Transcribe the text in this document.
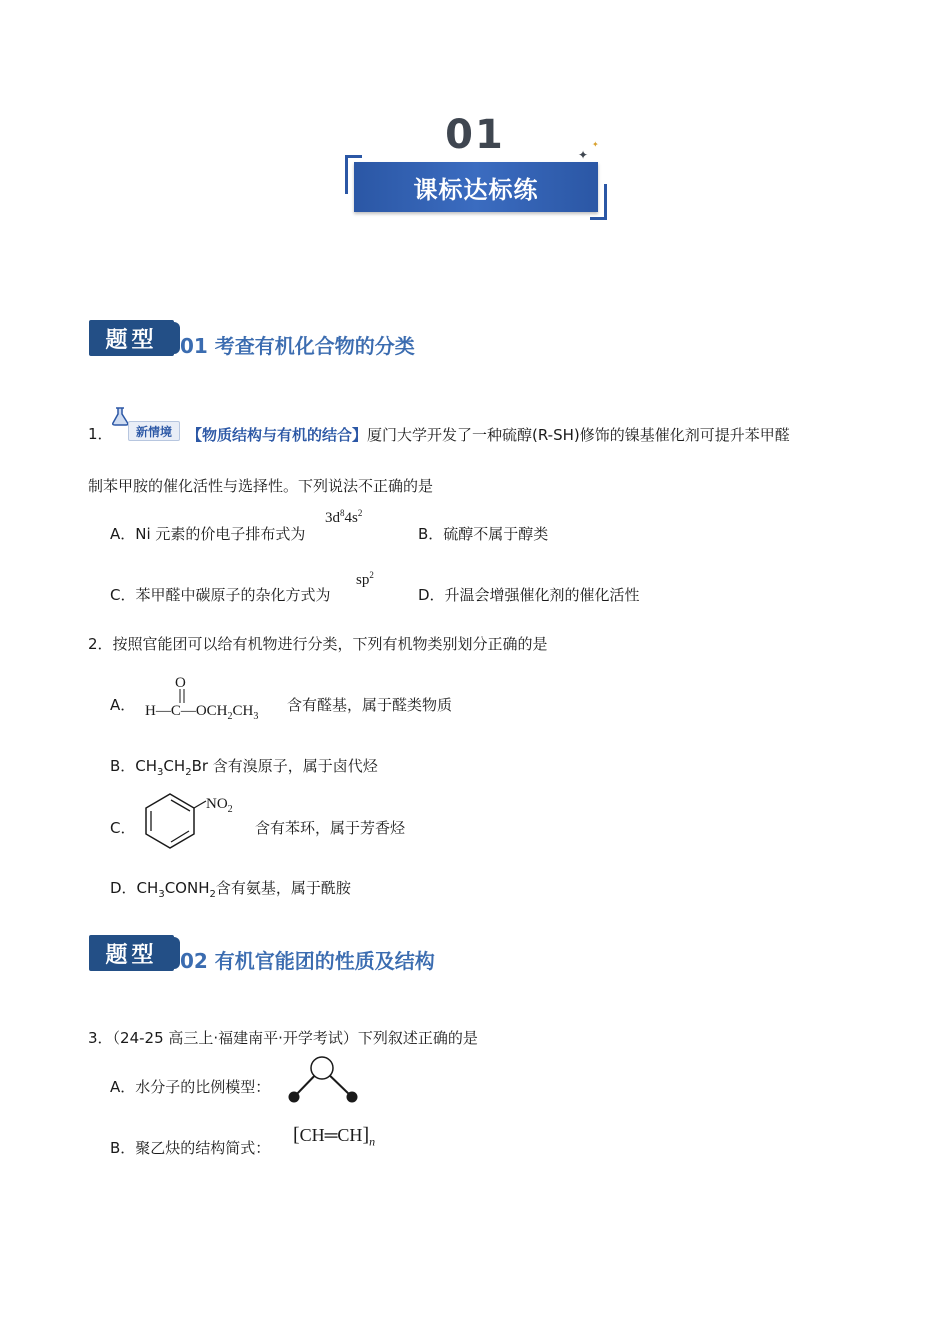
01
课标达标练
✦
✦
题型	01 考查有机化合物的分类
1．	新情境	【物质结构与有机的结合】厦门大学开发了一种硫醇(R-SH)修饰的镍基催化剂可提升苯甲醛
制苯甲胺的催化活性与选择性。下列说法不正确的是
A．Ni 元素的价电子排布式为
$3d^84s^2$
B．硫醇不属于醇类
C．苯甲醛中碳原子的杂化方式为
$sp^2$
D．升温会增强催化剂的催化活性
2．按照官能团可以给有机物进行分类，下列有机物类别划分正确的是
A．
O
$H—C—OCH_2CH_3$
含有醛基，属于醛类物质
B．$CH_3CH_2Br$ 含有溴原子，属于卤代烃
C．
$NO_2$
含有苯环，属于芳香烃
D．$CH_3CONH_2$含有氨基，属于酰胺
题型	02 有机官能团的性质及结构
3．（24-25 高三上·福建南平·开学考试）下列叙述正确的是
A．水分子的比例模型：
B．聚乙炔的结构简式：
$[CH═CH]_n$
